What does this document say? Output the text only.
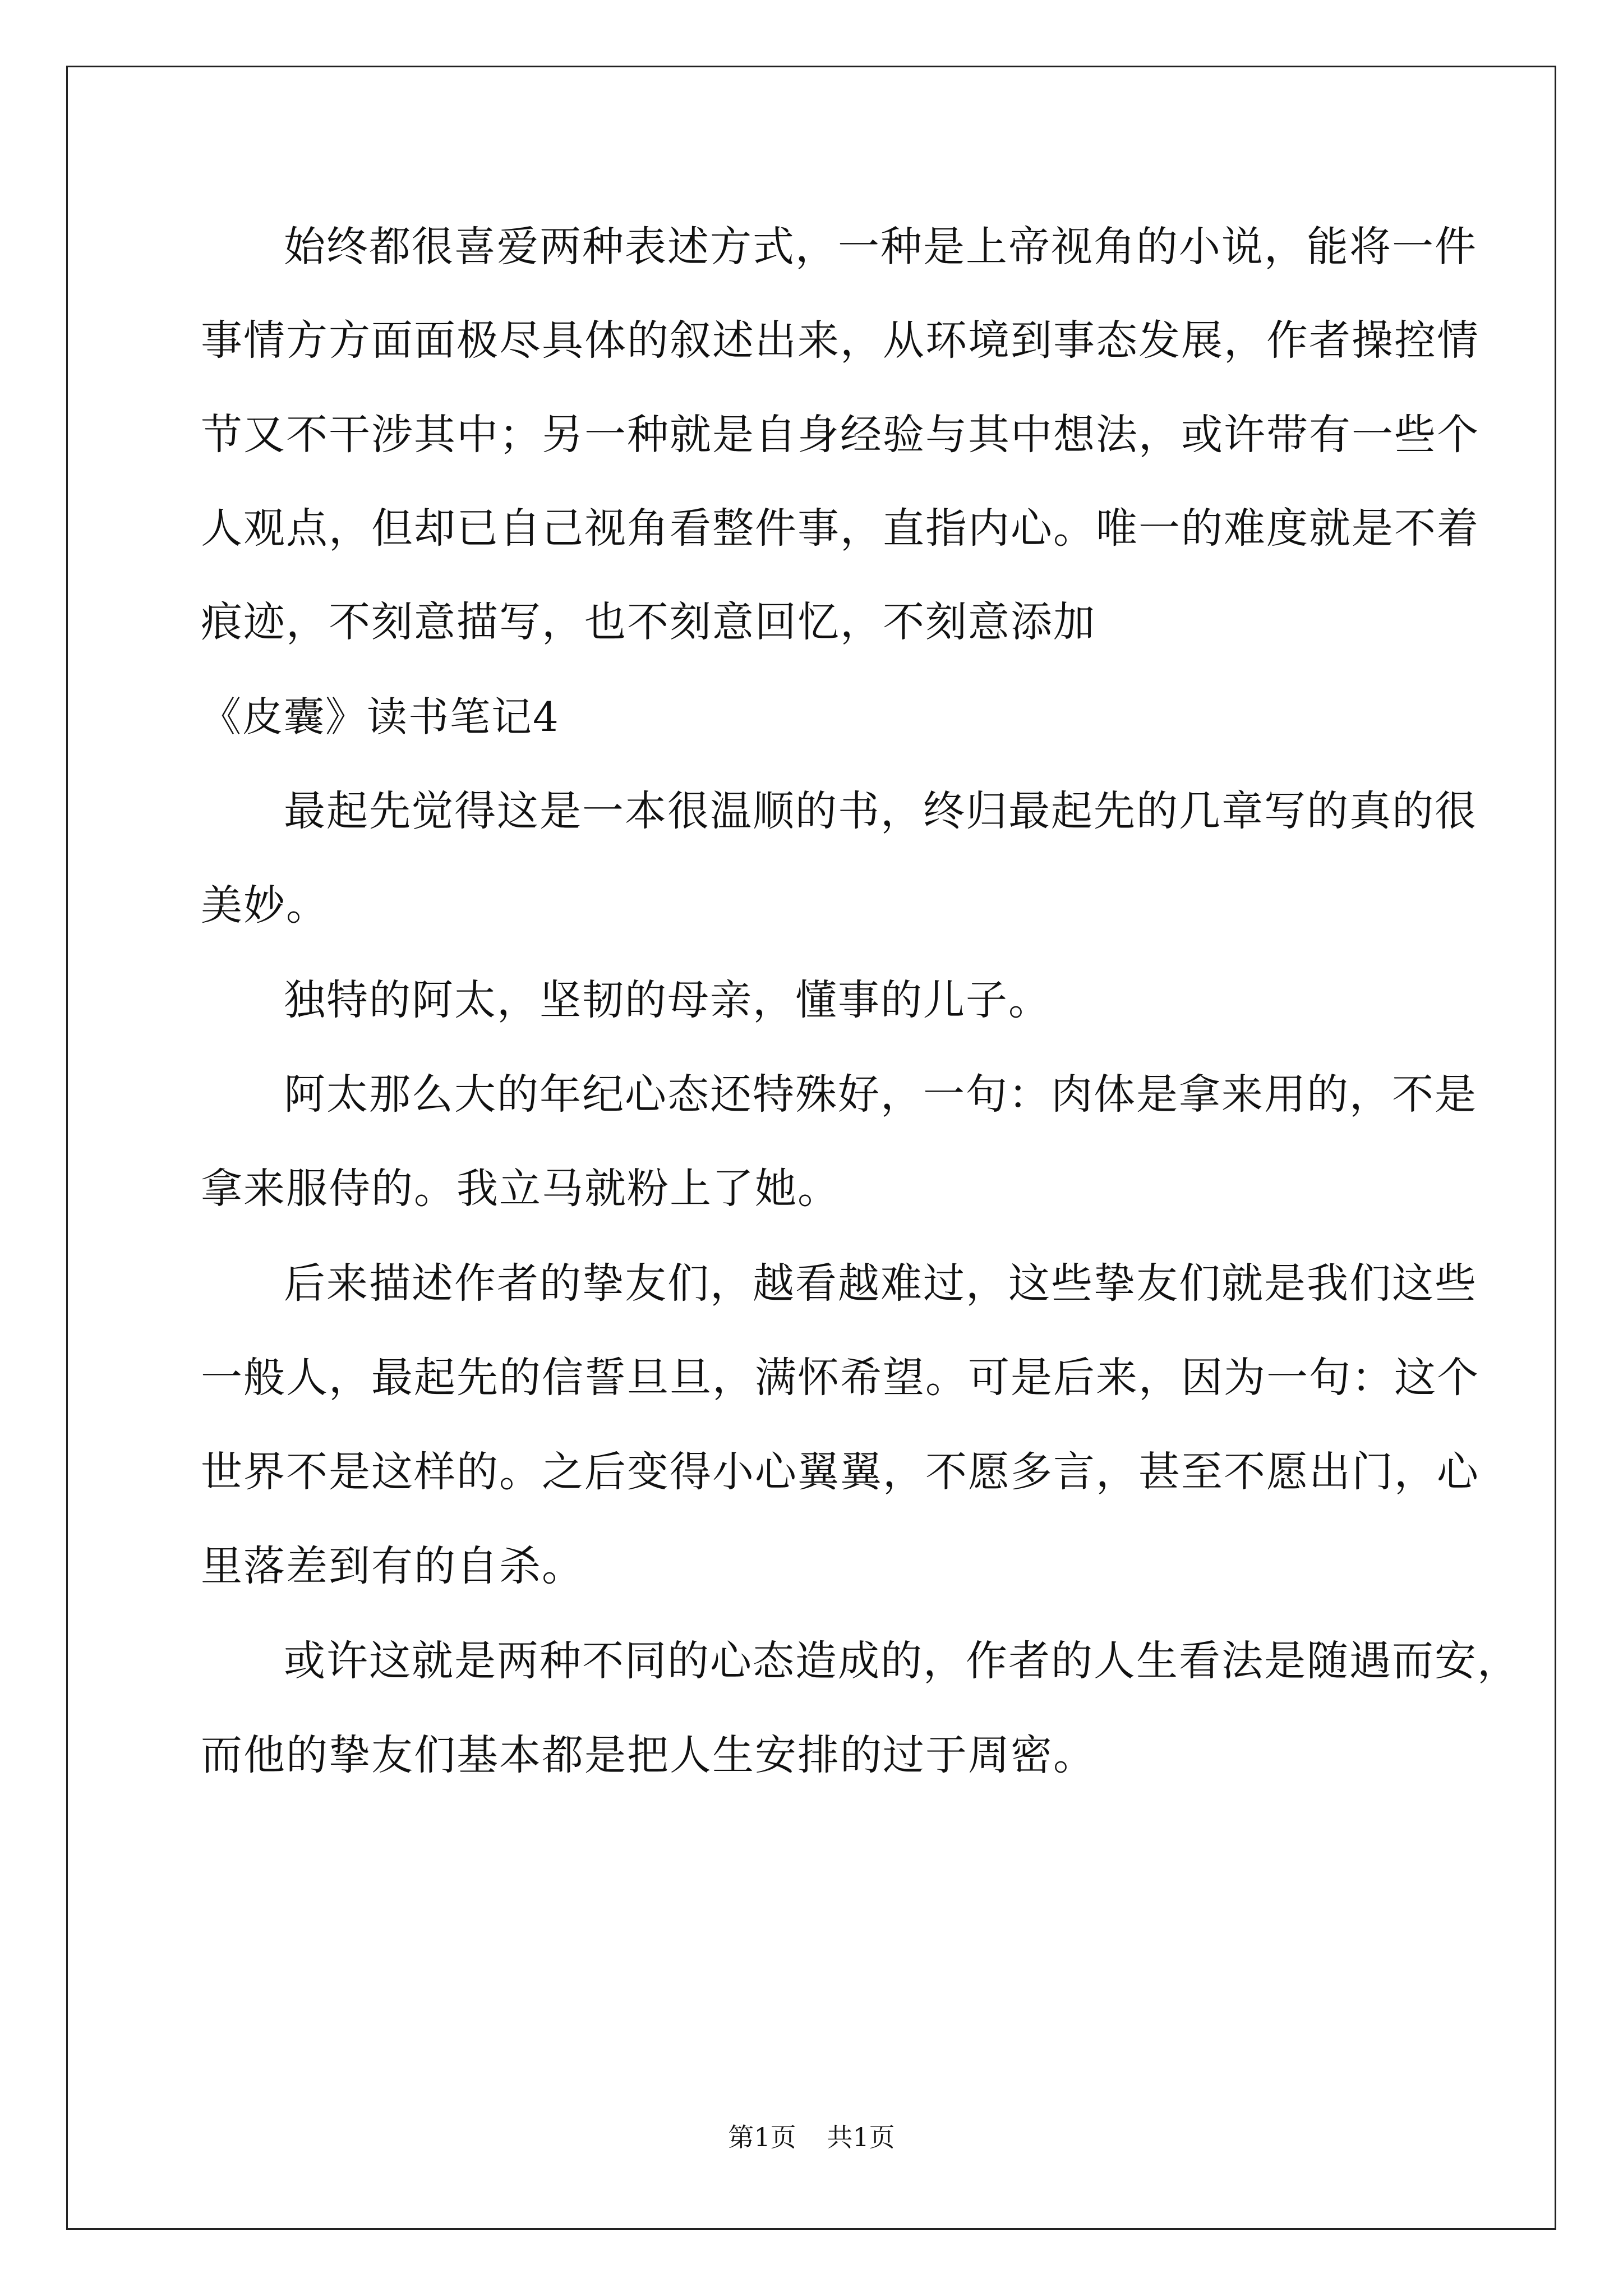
始终都很喜爱两种表述方式，一种是上帝视角的小说，能将一件
事情方方面面极尽具体的叙述出来，从环境到事态发展，作者操控情
节又不干涉其中；另一种就是自身经验与其中想法，或许带有一些个
人观点，但却已自己视角看整件事，直指内心。唯一的难度就是不着
痕迹，不刻意描写，也不刻意回忆，不刻意添加
《皮囊》读书笔记4
最起先觉得这是一本很温顺的书，终归最起先的几章写的真的很
美妙。
独特的阿太，坚韧的母亲，懂事的儿子。
阿太那么大的年纪心态还特殊好，一句：肉体是拿来用的，不是
拿来服侍的。我立马就粉上了她。
后来描述作者的挚友们，越看越难过，这些挚友们就是我们这些
一般人，最起先的信誓旦旦，满怀希望。可是后来，因为一句：这个
世界不是这样的。之后变得小心翼翼，不愿多言，甚至不愿出门，心
里落差到有的自杀。
或许这就是两种不同的心态造成的，作者的人生看法是随遇而安，
而他的挚友们基本都是把人生安排的过于周密。
第1页 共1页
